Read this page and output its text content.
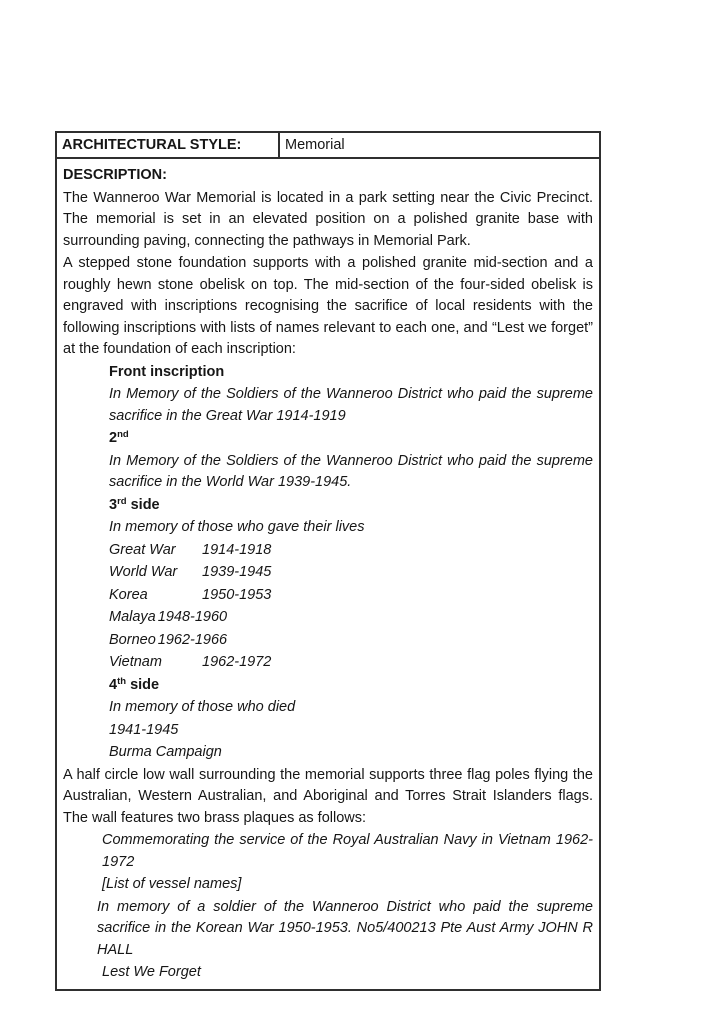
ARCHITECTURAL STYLE:	Memorial

DESCRIPTION:

The Wanneroo War Memorial is located in a park setting near the Civic Precinct. The memorial is set in an elevated position on a polished granite base with surrounding paving, connecting the pathways in Memorial Park.

A stepped stone foundation supports with a polished granite mid-section and a roughly hewn stone obelisk on top. The mid-section of the four-sided obelisk is engraved with inscriptions recognising the sacrifice of local residents with the following inscriptions with lists of names relevant to each one, and “Lest we forget” at the foundation of each inscription:

Front inscription

In Memory of the Soldiers of the Wanneroo District who paid the supreme sacrifice in the Great War 1914-1919

2nd

In Memory of the Soldiers of the Wanneroo District who paid the supreme sacrifice in the World War 1939-1945.

3rd side

In memory of those who gave their lives

Great War 1914-1918

World War 1939-1945

Korea	1950-1953

Malaya 1948-1960

Borneo 1962-1966

Vietnam	1962-1972

4th side

In memory of those who died

1941-1945

Burma Campaign

A half circle low wall surrounding the memorial supports three flag poles flying the Australian, Western Australian, and Aboriginal and Torres Strait Islanders flags. The wall features two brass plaques as follows:

Commemorating the service of the Royal Australian Navy in Vietnam 1962-1972

[List of vessel names]

In memory of a soldier of the Wanneroo District who paid the supreme sacrifice in the Korean War 1950-1953. No5/400213 Pte Aust Army JOHN R HALL

Lest We Forget
